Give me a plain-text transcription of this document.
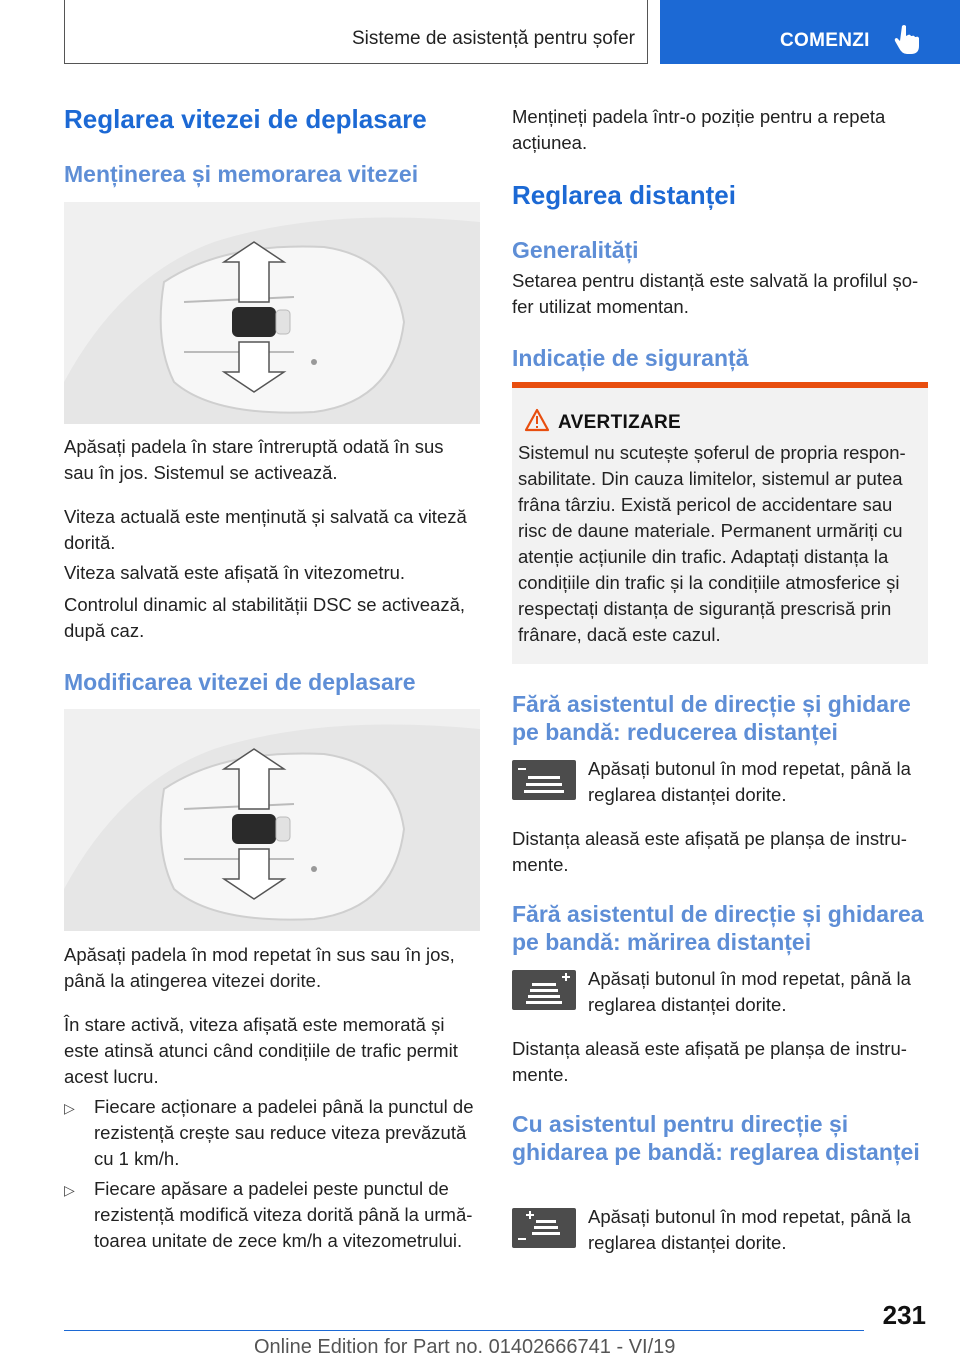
Sisteme de asistență pentru șofer	COMENZI
Reglarea vitezei de deplasare
Menținerea și memorarea vitezei

Apăsați padela în stare întreruptă odată în sus sau în jos. Sistemul se activează.

Viteza actuală este menținută și salvată ca viteză dorită.

Viteza salvată este afișată în vitezometru.

Controlul dinamic al stabilității DSC se activează, după caz.

Modificarea vitezei de deplasare

Apăsați padela în mod repetat în sus sau în jos, până la atingerea vitezei dorite.

În stare activă, viteza afișată este memorată și este atinsă atunci când condițiile de trafic permit acest lucru.

▷ Fiecare acționare a padelei până la punctul de rezistență crește sau reduce viteza prevăzută cu 1 km/h.

▷ Fiecare apăsare a padelei peste punctul de rezistență modifică viteza dorită până la urmă-toarea unitate de zece km/h a vitezometrului.

Mențineți padela într-o poziție pentru a repeta acțiunea.

Reglarea distanței
Generalități

Setarea pentru distanță este salvată la profilul șo-fer utilizat momentan.

Indicație de siguranță
AVERTIZARE
Sistemul nu scutește șoferul de propria respon-sabilitate. Din cauza limitelor, sistemul ar putea frâna târziu. Există pericol de accidentare sau risc de daune materiale. Permanent urmăriți cu atenție acțiunile din trafic. Adaptați distanța la condițiile din trafic și la condițiile atmosferice și respectați distanța de siguranță prescrisă prin frânare, dacă este cazul.
Fără asistentul de direcție și ghidare pe bandă: reducerea distanței

Apăsați butonul în mod repetat, până la reglarea distanței dorite.

Distanța aleasă este afișată pe planșa de instru-mente.

Fără asistentul de direcție și ghidarea pe bandă: mărirea distanței

Apăsați butonul în mod repetat, până la reglarea distanței dorite.

Distanța aleasă este afișată pe planșa de instru-mente.

Cu asistentul pentru direcție și ghidarea pe bandă: reglarea distanței

Apăsați butonul în mod repetat, până la reglarea distanței dorite.

231
Online Edition for Part no. 01402666741 - VI/19
